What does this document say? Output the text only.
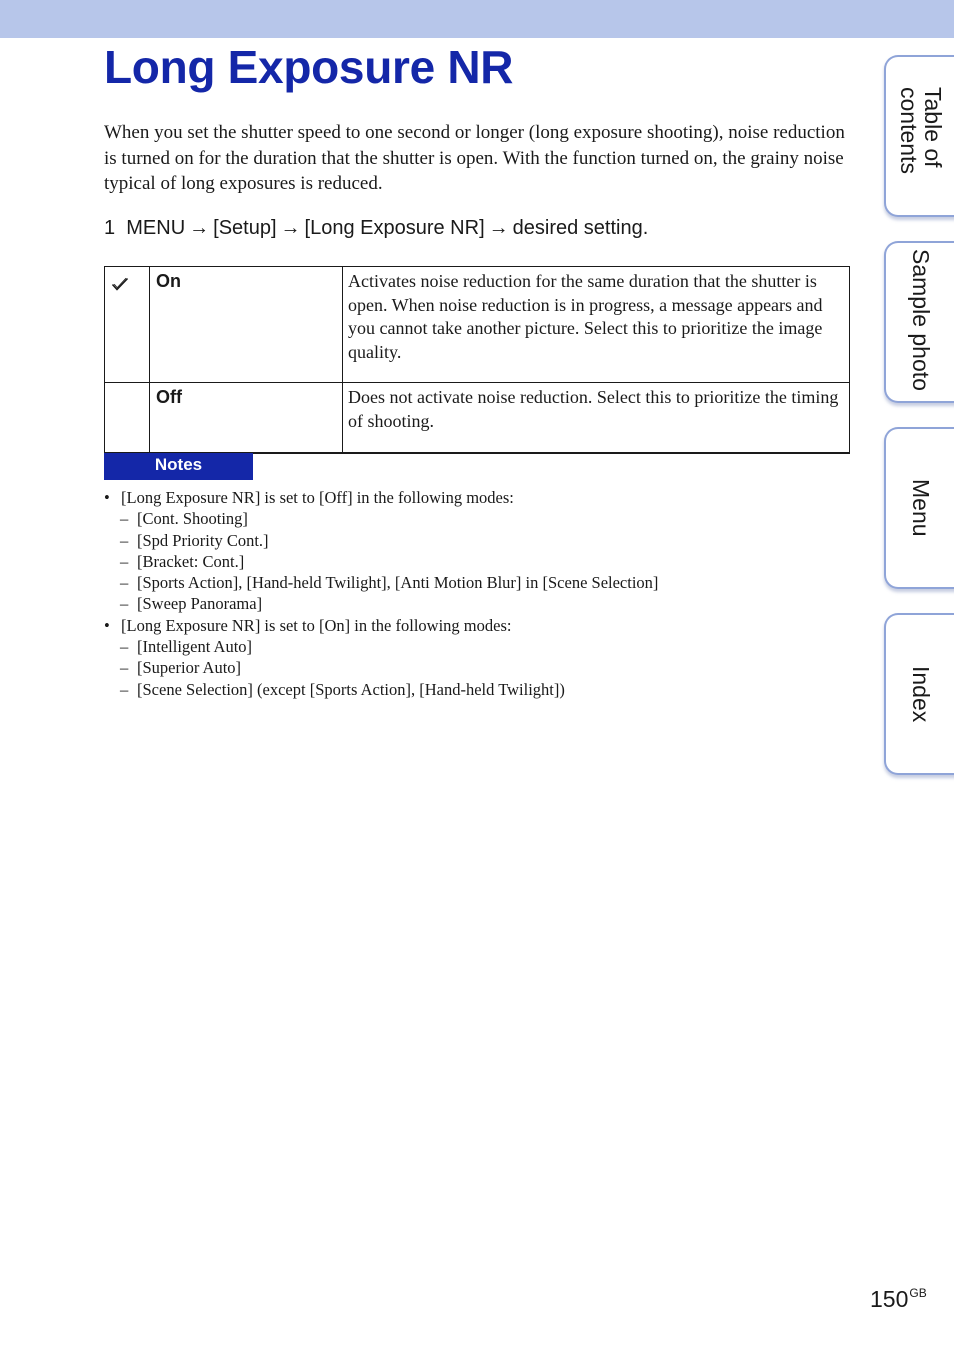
Long Exposure NR

When you set the shutter speed to one second or longer (long exposure shooting), noise reduction is turned on for the duration that the shutter is open. With the function turned on, the grainy noise typical of long exposures is reduced.

1 MENU → [Setup] → [Long Exposure NR] → desired setting.

	On	Activates noise reduction for the same duration that the shutter is open. When noise reduction is in progress, a message appears and you cannot take another picture. Select this to prioritize the image quality.
	Off	Does not activate noise reduction. Select this to prioritize the timing of shooting.
Notes
• [Long Exposure NR] is set to [Off] in the following modes:
– [Cont. Shooting]
– [Spd Priority Cont.]
– [Bracket: Cont.]
– [Sports Action], [Hand-held Twilight], [Anti Motion Blur] in [Scene Selection]
– [Sweep Panorama]
• [Long Exposure NR] is set to [On] in the following modes:
– [Intelligent Auto]
– [Superior Auto]
– [Scene Selection] (except [Sports Action], [Hand-held Twilight])
Table of
contents
Sample photo
Menu
Index
$150^{GB}$
